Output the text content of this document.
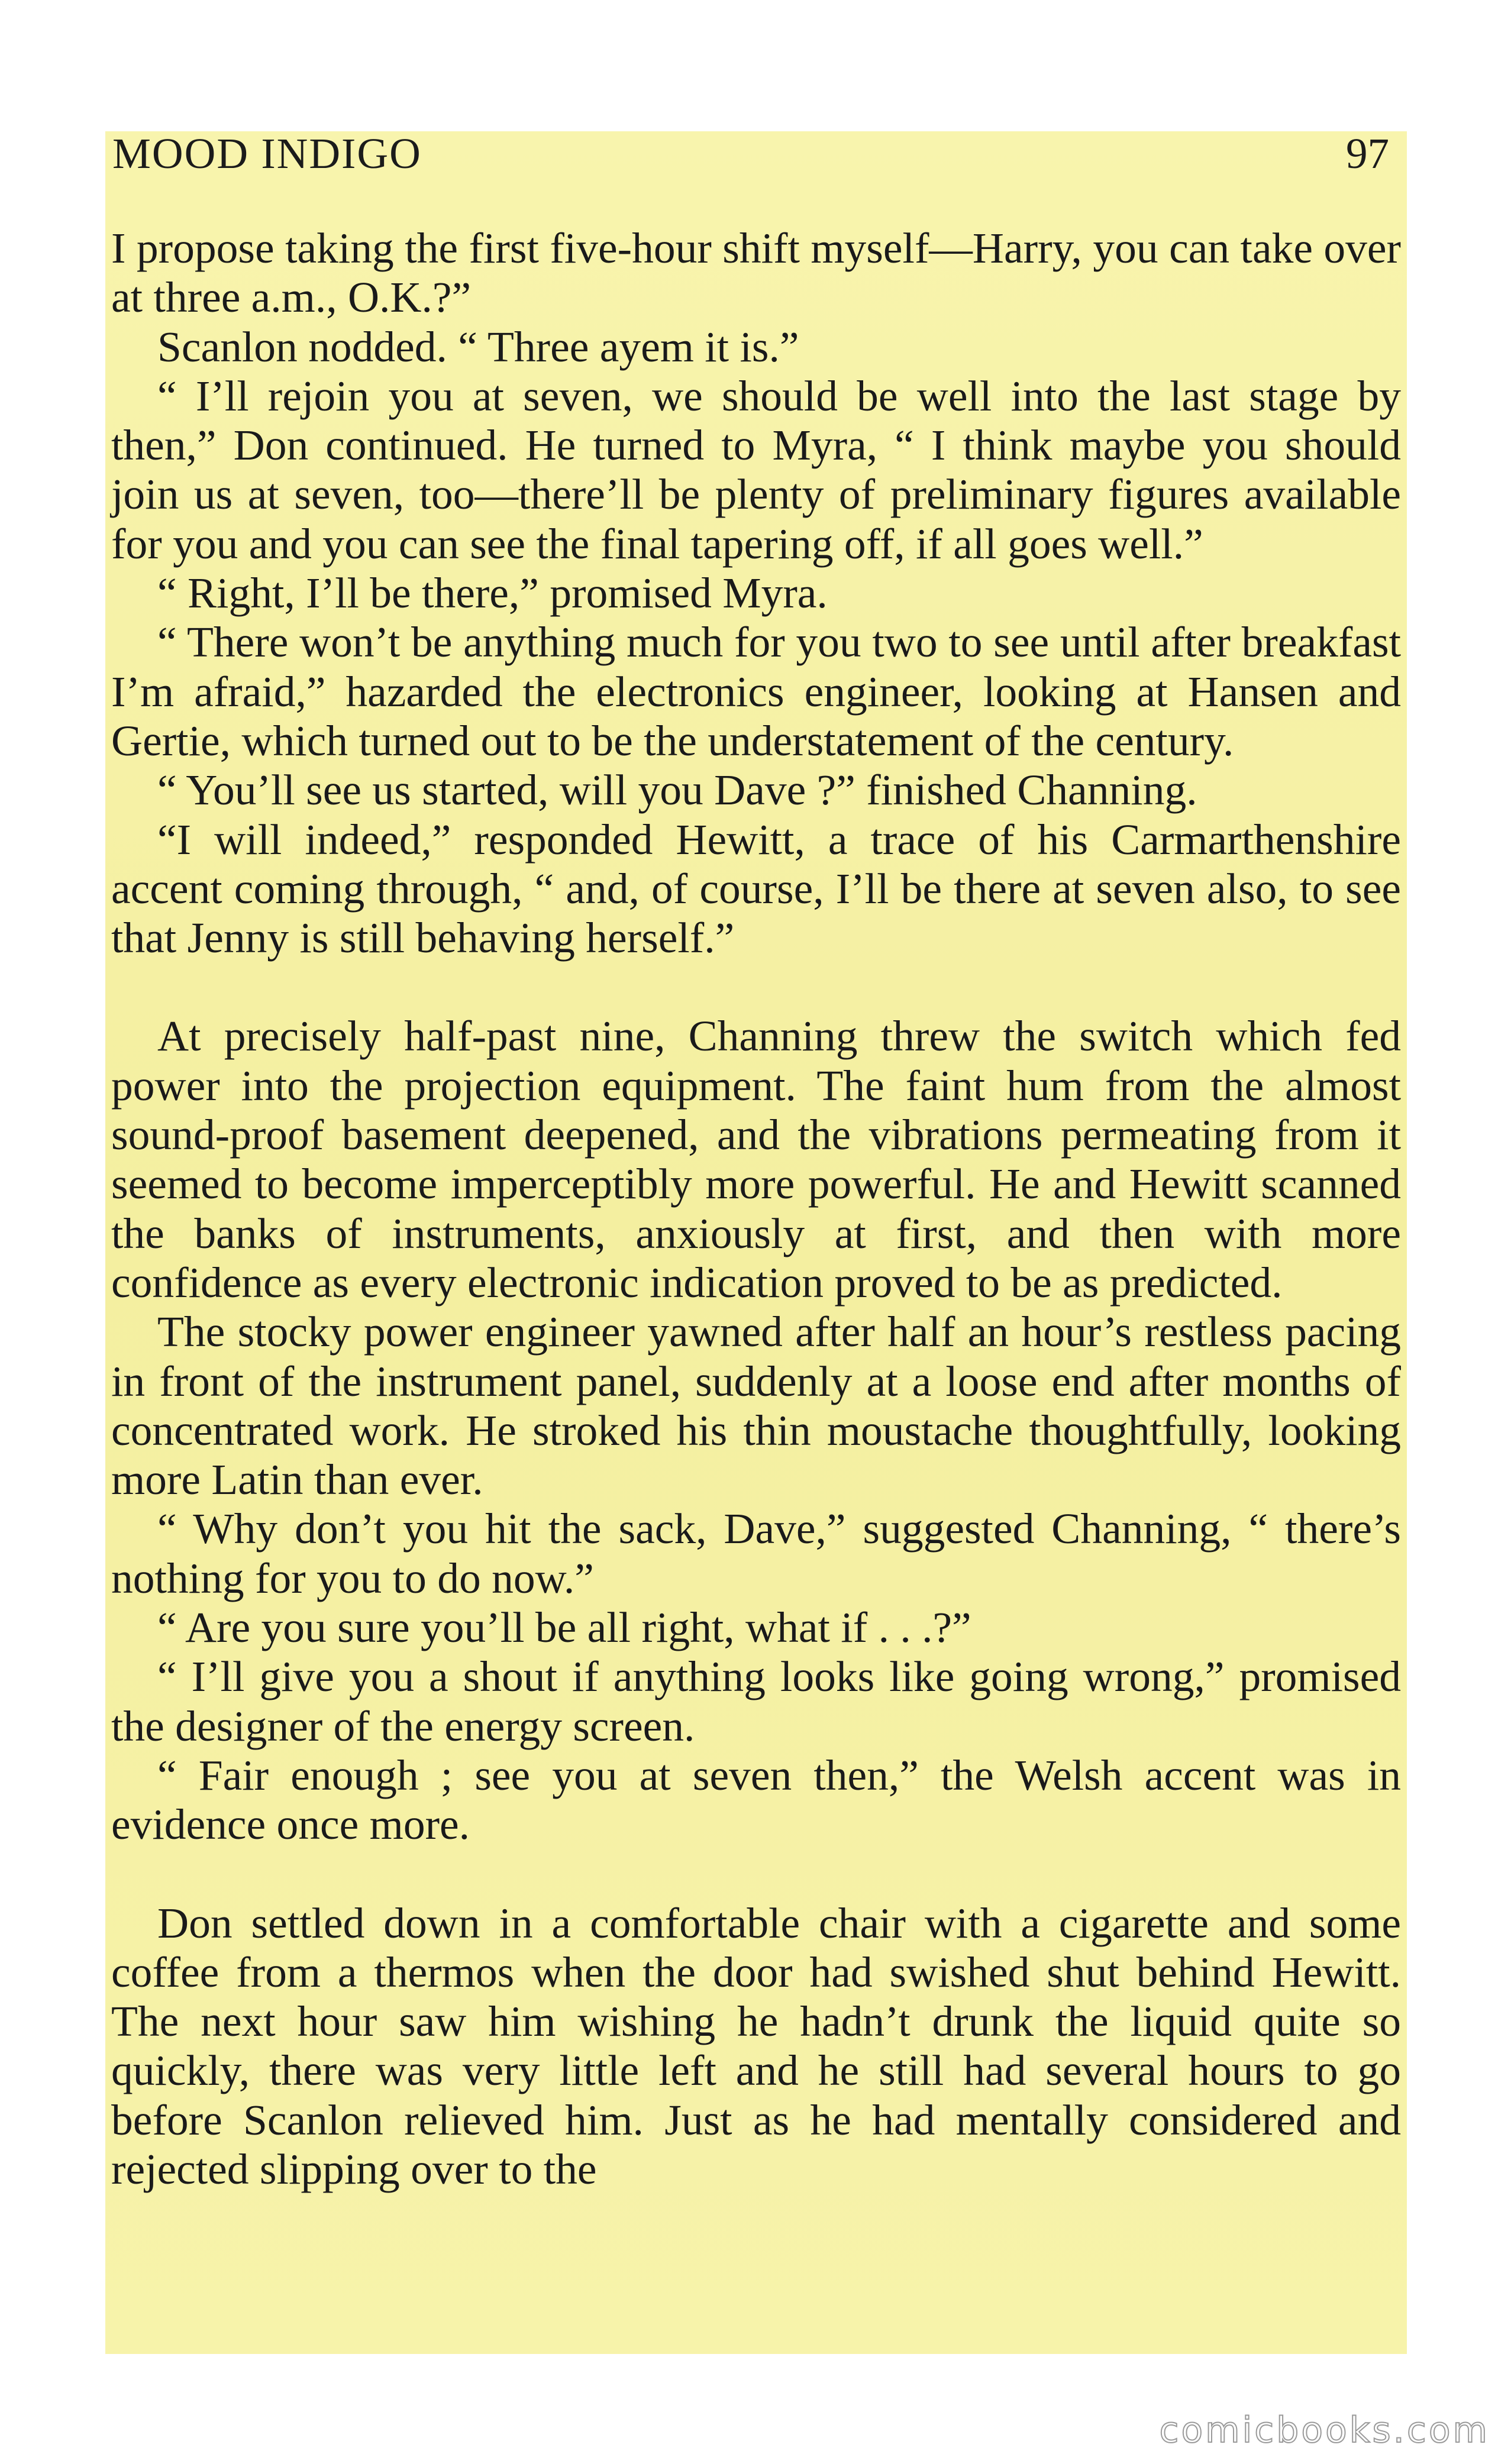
MOOD INDIGO	97

I propose taking the first five-hour shift myself—Harry, you can take over at three a.m., O.K.?”

Scanlon nodded. “ Three ayem it is.”

“ I’ll rejoin you at seven, we should be well into the last stage by then,” Don continued. He turned to Myra, “ I think maybe you should join us at seven, too—there’ll be plenty of preliminary figures available for you and you can see the final tapering off, if all goes well.”

“ Right, I’ll be there,” promised Myra.

“ There won’t be anything much for you two to see until after breakfast I’m afraid,” hazarded the electronics engineer, looking at Hansen and Gertie, which turned out to be the understatement of the century.

“ You’ll see us started, will you Dave ?” finished Channing.

“I will indeed,” responded Hewitt, a trace of his Carmarthenshire accent coming through, “ and, of course, I’ll be there at seven also, to see that Jenny is still behaving herself.”

At precisely half-past nine, Channing threw the switch which fed power into the projection equipment. The faint hum from the almost sound-proof basement deepened, and the vibrations permeating from it seemed to become imperceptibly more powerful. He and Hewitt scanned the banks of instruments, anxiously at first, and then with more confidence as every electronic indication proved to be as predicted.

The stocky power engineer yawned after half an hour’s restless pacing in front of the instrument panel, suddenly at a loose end after months of concentrated work. He stroked his thin moustache thoughtfully, looking more Latin than ever.

“ Why don’t you hit the sack, Dave,” suggested Channing, “ there’s nothing for you to do now.”

“ Are you sure you’ll be all right, what if . . .?”

“ I’ll give you a shout if anything looks like going wrong,” promised the designer of the energy screen.

“ Fair enough ; see you at seven then,” the Welsh accent was in evidence once more.

Don settled down in a comfortable chair with a cigarette and some coffee from a thermos when the door had swished shut behind Hewitt. The next hour saw him wishing he hadn’t drunk the liquid quite so quickly, there was very little left and he still had several hours to go before Scanlon relieved him. Just as he had mentally considered and rejected slipping over to the

comicbooks.com
